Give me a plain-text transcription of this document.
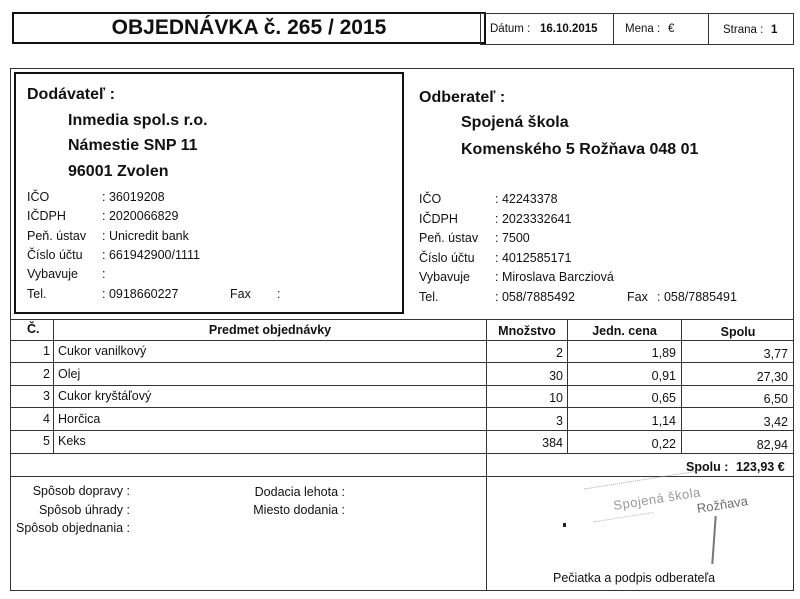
OBJEDNÁVKA č. 265 / 2015	Dátum : 16.10.2015 Mena : €	Strana : 1
Dodávateľ :
Inmedia spol.s r.o.
Námestie SNP 11
96001 Zvolen
IČO	: 36019208
IČDPH	: 2020066829
Peň. ústav : Unicredit bank
Číslo účtu : 661942900/1111
Vybavuje :
Tel.	: 0918660227	Fax :
Odberateľ :
Spojená škola
Komenského 5 Rožňava 048 01
IČO	: 42243378
IČDPH	: 2023332641
Peň. ústav : 7500
Číslo účtu : 4012585171
Vybavuje : Miroslava Barcziová
Tel.	: 058/7885492	Fax : 058/7885491
Č.	Predmet objednávky	Množstvo	Jedn. cena	Spolu
1 Cukor vanilkový	2	1,89	3,77
2 Olej	30	0,91	27,30
3 Cukor kryštáľový	10	0,65	6,50
4 Horčica	3	1,14	3,42
5 Keks	384	0,22	82,94
Spolu : 123,93 €
Spôsob dopravy :
Spôsob úhrady :
Spôsob objednania :
Dodacia lehota :
Miesto dodania :	Spojená škola
Rožňava
Pečiatka a podpis odberateľa
